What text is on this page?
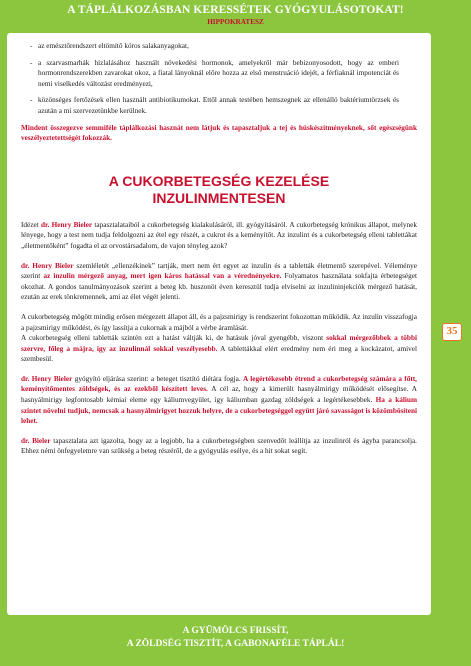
A TÁPLÁLKOZÁSBAN KERESSÉTEK GYÓGYULÁSOTOKAT!
HIPPOKRATESZ
- az emésztőrendszert eltömítő kóros salakanyagokat,
- a szarvasmarhák hízlalásához használt növekedési hormonok, amelyekről már bebizonyosodott, hogy az emberi hormonrendszerekben zavarokat okoz, a fiatal lányoknál előre hozza az első menstruáció idejét, a férfiaknál impotenciát és nemi viselkedés változást eredményezi,
- közönséges fertőzések ellen használt antibiotikumokat. Ettől annak testében hemszegnek az ellenálló baktériumtörzsek és azután a mi szervezetünkbe kerülnek.

Mindent összegezve semmiféle táplálkozási hasznát nem látjuk és tapasztaljuk a tej és húskészítményeknek, sőt egészségünk veszélyeztetettségét fokozzák.

A CUKORBETEGSÉG KEZELÉSE
INZULINMENTESEN

Idézet dr. Henry Bieler tapasztalataiból a cukorbetegség kialakulásáról, ill. gyógyításáról. A cukorbetegség krónikus állapot, melynek lényege, hogy a test nem tudja feldolgozni az étel egy részét, a cukrot és a keményítőt. Az inzulint és a cukorbetegség elleni tablettákat „életmentőként” fogadta el az orvostársadalom, de vajon tényleg azok?

dr. Henry Bieler szemléletét „ellenzékinek” tartják, mert nem ért egyet az inzulin és a tabletták életmentő szerepével. Véleménye szerint az inzulin mérgező anyag, mert igen káros hatással van a vérednényekre. Folyamatos használata sokfajta érbetegséget okozhat. A gondos tanulmányozások szerint a beteg kb. huszonöt éven keresztül tudja elviselni az inzulininjekciók mérgező hatását, ezután az erek tönkremennek, ami az élet végét jelenti.

A cukorbetegség mögött mindig erősen mérgezett állapot áll, és a pajzsmirigy is rendszerint fokozottan működik. Az inzulin visszafogja a pajzsmirigy működést, és így lassítja a cukornak a májból a vérbe áramlását.

A cukorbetegség elleni tabletták szintén ezt a hatást váltják ki, de hatásuk jóval gyengébb, viszont sokkal mérgezőbbek a többi szervre, főleg a májra, így az inzulinnál sokkal veszélyesebb. A tablettákkal elért eredmény nem éri meg a kockázatot, amivel szembesül.

dr. Henry Bieler gyógyító eljárása szerint: a beteget tisztító diétára fogja. A legértékesebb étrend a cukorbetegség számára a főtt, keményítőmentes zöldségek, és az ezekből készített leves. A cél az, hogy a kimerült hasnyálmirigy működését elősegítse. A hasnyálmirigy legfontosabb kémiai eleme egy káliumvegyület, így káliumban gazdag zöldségek a legértékesebbek. Ha a kálium szintet növelni tudjuk, nemcsak a hasnyálmirigyet hozzuk helyre, de a cukorbetegséggel együtt járó savasságot is közömbösíteni lehet.

dr. Bieler tapasztalata azt igazolta, hogy az a legjobb, ha a cukorbetegségben szenvedőt leállítja az inzulinról és ágyba parancsolja. Ehhez némi önfegyelemre van szükség a beteg részéről, de a gyógyulás esélye, és a hit sokat segít.

35
A GYÜMÖLCS FRISSÍT,
A ZÖLDSÉG TISZTÍT, A GABONAFÉLE TÁPLÁL!
